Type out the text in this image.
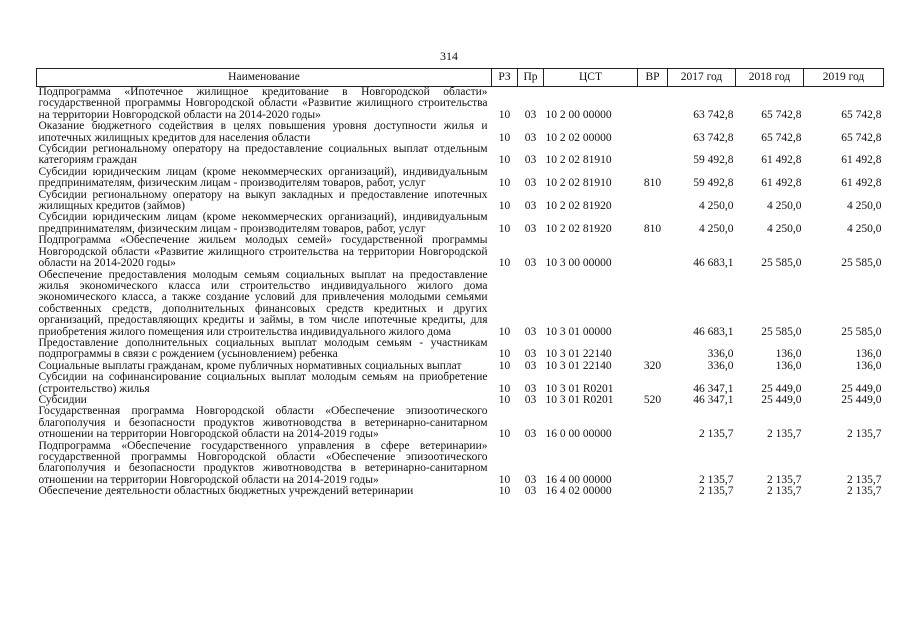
314
Наименование	РЗ	Пр	ЦСТ	ВР	2017 год	2018 год	2019 год
Подпрограмма «Ипотечное жилищное кредитование в Новгородской области» государственной программы Новгородской области «Развитие жилищного строительства на территории Новгородской области на 2014-2020 годы»	10	03	10 2 00 00000		63 742,8	65 742,8	65 742,8
Оказание бюджетного содействия в целях повышения уровня доступности жилья и ипотечных жилищных кредитов для населения области	10	03	10 2 02 00000		63 742,8	65 742,8	65 742,8
Субсидии региональному оператору на предоставление социальных выплат отдельным категориям граждан	10	03	10 2 02 81910		59 492,8	61 492,8	61 492,8
Субсидии юридическим лицам (кроме некоммерческих организаций), индивидуальным предпринимателям, физическим лицам - производителям товаров, работ, услуг	10	03	10 2 02 81910	810	59 492,8	61 492,8	61 492,8
Субсидии региональному оператору на выкуп закладных и предоставление ипотечных жилищных кредитов (займов)	10	03	10 2 02 81920		4 250,0	4 250,0	4 250,0
Субсидии юридическим лицам (кроме некоммерческих организаций), индивидуальным предпринимателям, физическим лицам - производителям товаров, работ, услуг	10	03	10 2 02 81920	810	4 250,0	4 250,0	4 250,0
Подпрограмма «Обеспечение жильем молодых семей» государственной программы Новгородской области «Развитие жилищного строительства на территории Новгородской области на 2014-2020 годы»	10	03	10 3 00 00000		46 683,1	25 585,0	25 585,0
Обеспечение предоставления молодым семьям социальных выплат на предоставление жилья экономического класса или строительство индивидуального жилого дома экономического класса, а также создание условий для привлечения молодыми семьями собственных средств, дополнительных финансовых средств кредитных и других организаций, предоставляющих кредиты и займы, в том числе ипотечные кредиты, для приобретения жилого помещения или строительства индивидуального жилого дома	10	03	10 3 01 00000		46 683,1	25 585,0	25 585,0
Предоставление дополнительных социальных выплат молодым семьям - участникам подпрограммы в связи с рождением (усыновлением) ребенка	10	03	10 3 01 22140		336,0	136,0	136,0
Социальные выплаты гражданам, кроме публичных нормативных социальных выплат	10	03	10 3 01 22140	320	336,0	136,0	136,0
Субсидии на софинансирование социальных выплат молодым семьям на приобретение (строительство) жилья	10	03	10 3 01 R0201		46 347,1	25 449,0	25 449,0
Субсидии	10	03	10 3 01 R0201	520	46 347,1	25 449,0	25 449,0
Государственная программа Новгородской области «Обеспечение эпизоотического благополучия и безопасности продуктов животноводства в ветеринарно-санитарном отношении на территории Новгородской области на 2014-2019 годы»	10	03	16 0 00 00000		2 135,7	2 135,7	2 135,7
Подпрограмма «Обеспечение государственного управления в сфере ветеринарии» государственной программы Новгородской области «Обеспечение эпизоотического благополучия и безопасности продуктов животноводства в ветеринарно-санитарном отношении на территории Новгородской области на 2014-2019 годы»	10	03	16 4 00 00000		2 135,7	2 135,7	2 135,7
Обеспечение деятельности областных бюджетных учреждений ветеринарии	10	03	16 4 02 00000		2 135,7	2 135,7	2 135,7
